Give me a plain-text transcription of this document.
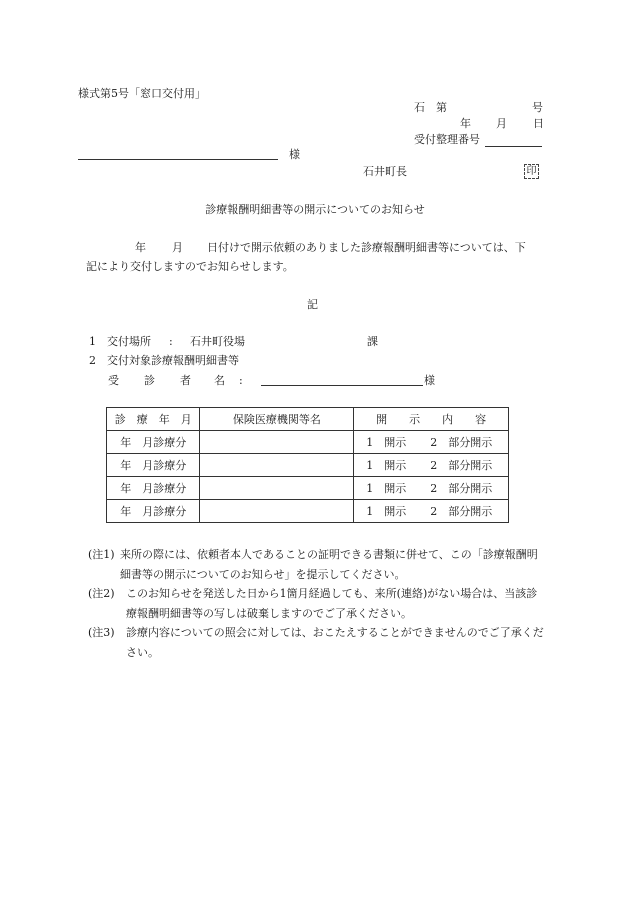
様式第5号「窓口交付用」
石 第	号
年 月 日
受付整理番号
様
石井町長	印
診療報酬明細書等の開示についてのお知らせ
年 月 日付けで開示依頼のありました診療報酬明細書等については、下
記により交付しますのでお知らせします。
記
1 交付場所 : 石井町役場	課
2 交付対象診療報酬明細書等
受 診 者 名 :	様
診　療　年　月	保険医療機関等名	開　　示　　内　　容
年　月診療分		1　開示 2　部分開示
年　月診療分		1　開示 2　部分開示
年　月診療分		1　開示 2　部分開示
年　月診療分		1　開示 2　部分開示
(注1) 来所の際には、依頼者本人であることの証明できる書類に併せて、この「診療報酬明細書等の開示についてのお知らせ」を提示してください。
(注2) このお知らせを発送した日から1箇月経過しても、来所(連絡)がない場合は、当該診療報酬明細書等の写しは破棄しますのでご了承ください。
(注3) 診療内容についての照会に対しては、おこたえすることができませんのでご了承ください。
